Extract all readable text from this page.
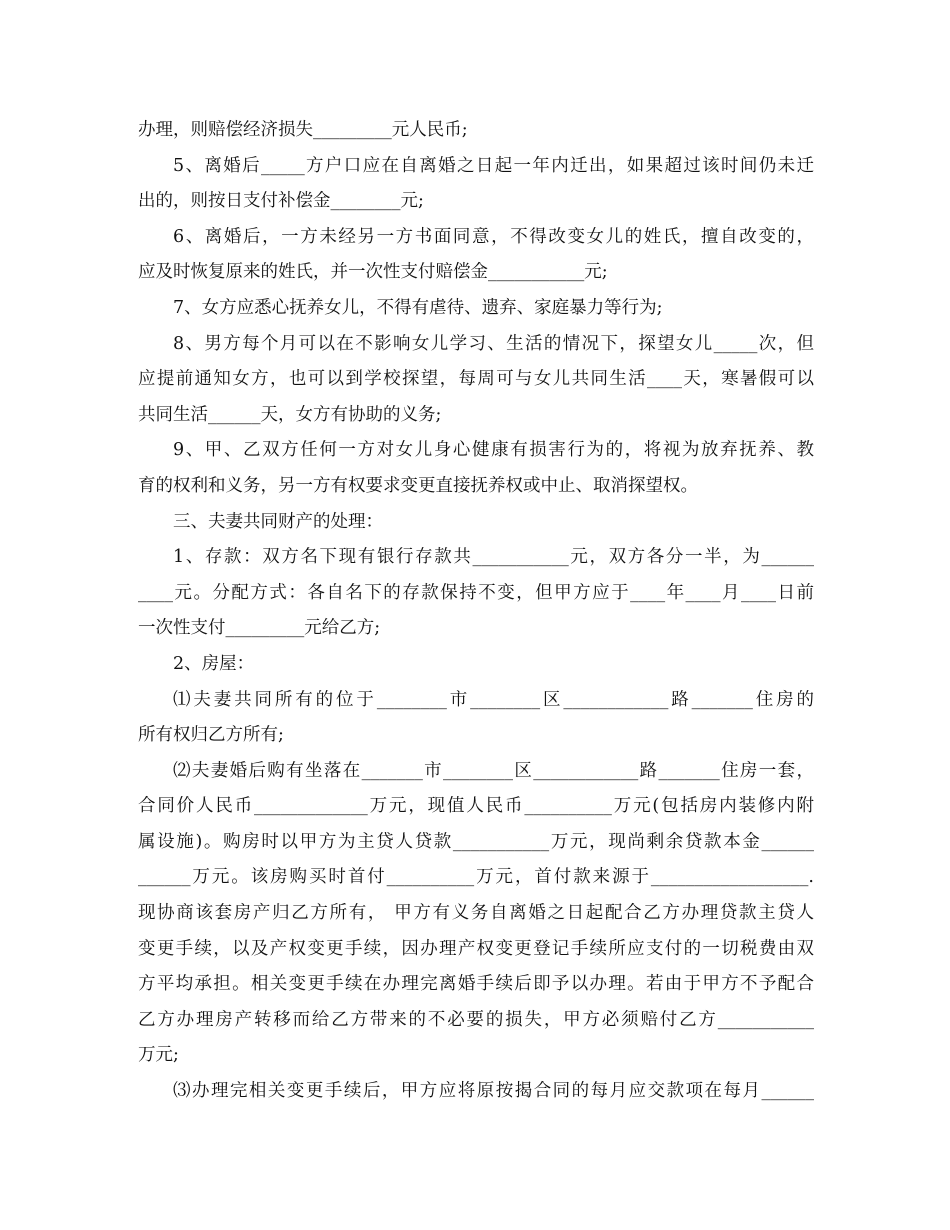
办理，则赔偿经济损失_________元人民币;
5、离婚后_____方户口应在自离婚之日起一年内迁出，如果超过该时间仍未迁
出的，则按日支付补偿金________元;
6、离婚后，一方未经另一方书面同意，不得改变女儿的姓氏，擅自改变的，
应及时恢复原来的姓氏，并一次性支付赔偿金___________元;
7、女方应悉心抚养女儿，不得有虐待、遗弃、家庭暴力等行为;
8、男方每个月可以在不影响女儿学习、生活的情况下，探望女儿_____次，但
应提前通知女方，也可以到学校探望，每周可与女儿共同生活____天，寒暑假可以
共同生活______天，女方有协助的义务;
9、甲、乙双方任何一方对女儿身心健康有损害行为的，将视为放弃抚养、教
育的权利和义务，另一方有权要求变更直接抚养权或中止、取消探望权。
三、夫妻共同财产的处理：
1、存款：双方名下现有银行存款共___________元，双方各分一半，为______
____元。分配方式：各自名下的存款保持不变，但甲方应于____年____月____日前
一次性支付_________元给乙方;
2、房屋：
⑴夫妻共同所有的位于________市________区____________路_______住房的
所有权归乙方所有;
⑵夫妻婚后购有坐落在_______市________区____________路_______住房一套，
合同价人民币_____________万元，现值人民币__________万元(包括房内装修内附
属设施)。购房时以甲方为主贷人贷款___________万元，现尚剩余贷款本金______
______万元。该房购买时首付__________万元，首付款来源于__________________.
现协商该套房产归乙方所有， 甲方有义务自离婚之日起配合乙方办理贷款主贷人
变更手续，以及产权变更手续，因办理产权变更登记手续所应支付的一切税费由双
方平均承担。相关变更手续在办理完离婚手续后即予以办理。若由于甲方不予配合
乙方办理房产转移而给乙方带来的不必要的损失，甲方必须赔付乙方___________
万元;
⑶办理完相关变更手续后，甲方应将原按揭合同的每月应交款项在每月______
